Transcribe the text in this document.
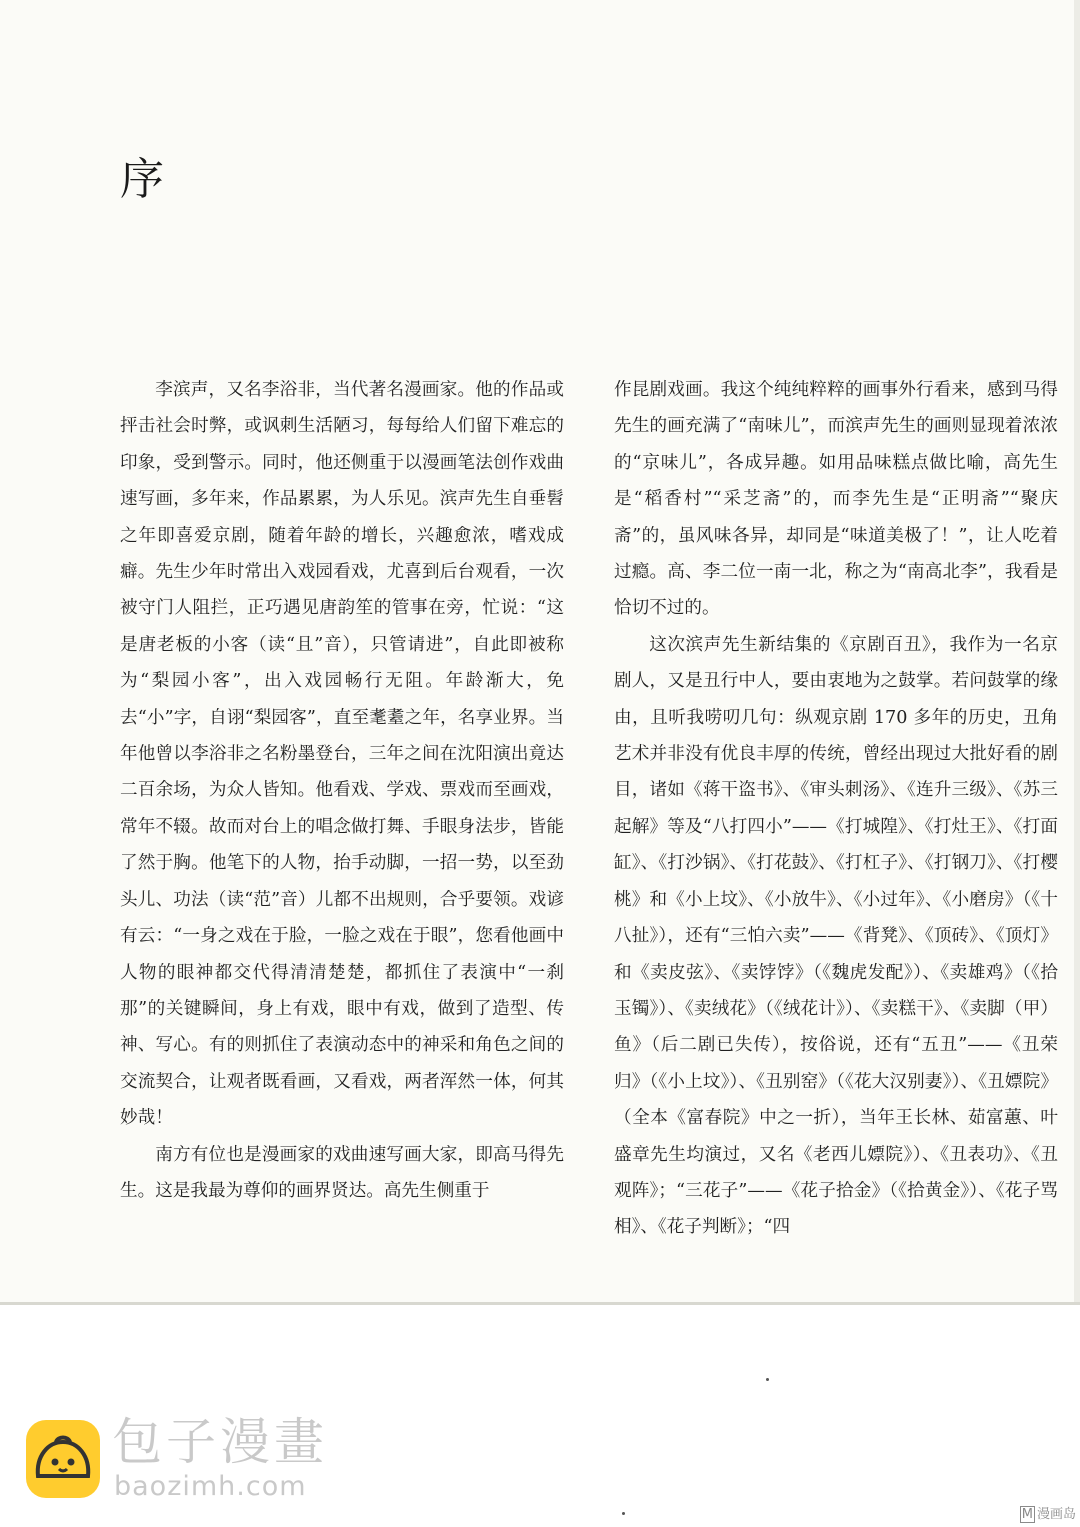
序

李滨声，又名李浴非，当代著名漫画家。他的作品或抨击社会时弊，或讽刺生活陋习，每每给人们留下难忘的印象，受到警示。同时，他还侧重于以漫画笔法创作戏曲速写画，多年来，作品累累，为人乐见。滨声先生自垂髫之年即喜爱京剧，随着年龄的增长，兴趣愈浓，嗜戏成癖。先生少年时常出入戏园看戏，尤喜到后台观看，一次被守门人阻拦，正巧遇见唐韵笙的管事在旁，忙说：“这是唐老板的小客（读“且”音），只管请进”，自此即被称为“梨园小客”，出入戏园畅行无阻。年龄渐大，免去“小”字，自诩“梨园客”，直至耄耋之年，名享业界。当年他曾以李浴非之名粉墨登台，三年之间在沈阳演出竟达二百余场，为众人皆知。他看戏、学戏、票戏而至画戏，常年不辍。故而对台上的唱念做打舞、手眼身法步，皆能了然于胸。他笔下的人物，抬手动脚，一招一势，以至劲头儿、功法（读“范”音）儿都不出规则，合乎要领。戏谚有云：“一身之戏在于脸，一脸之戏在于眼”，您看他画中人物的眼神都交代得清清楚楚，都抓住了表演中“一刹那”的关键瞬间，身上有戏，眼中有戏，做到了造型、传神、写心。有的则抓住了表演动态中的神采和角色之间的交流契合，让观者既看画，又看戏，两者浑然一体，何其妙哉！

南方有位也是漫画家的戏曲速写画大家，即高马得先生。这是我最为尊仰的画界贤达。高先生侧重于

作昆剧戏画。我这个纯纯粹粹的画事外行看来，感到马得先生的画充满了“南味儿”，而滨声先生的画则显现着浓浓的“京味儿”，各成异趣。如用品味糕点做比喻，高先生是“稻香村”“采芝斋”的，而李先生是“正明斋”“聚庆斋”的，虽风味各异，却同是“味道美极了！”，让人吃着过瘾。高、李二位一南一北，称之为“南高北李”，我看是恰切不过的。

这次滨声先生新结集的《京剧百丑》，我作为一名京剧人，又是丑行中人，要由衷地为之鼓掌。若问鼓掌的缘由，且听我唠叨几句：纵观京剧 170 多年的历史，丑角艺术并非没有优良丰厚的传统，曾经出现过大批好看的剧目，诸如《蒋干盗书》、《审头刺汤》、《连升三级》、《苏三起解》等及“八打四小”——《打城隍》、《打灶王》、《打面缸》、《打沙锅》、《打花鼓》、《打杠子》、《打钢刀》、《打樱桃》和《小上坟》、《小放牛》、《小过年》、《小磨房》（《十八扯》），还有“三怕六卖”——《背凳》、《顶砖》、《顶灯》和《卖皮弦》、《卖饽饽》（《魏虎发配》）、《卖雄鸡》（《拾玉镯》）、《卖绒花》（《绒花计》）、《卖糕干》、《卖脚（甲）鱼》（后二剧已失传），按俗说，还有“五丑”——《丑荣归》（《小上坟》）、《丑别窑》（《花大汉别妻》）、《丑嫖院》（全本《富春院》中之一折），当年王长林、茹富蕙、叶盛章先生均演过，又名《老西儿嫖院》）、《丑表功》、《丑观阵》；“三花子”——《花子拾金》（《拾黄金》）、《花子骂相》、《花子判断》；“四

包子漫畫
baozimh.com
M 漫画岛
